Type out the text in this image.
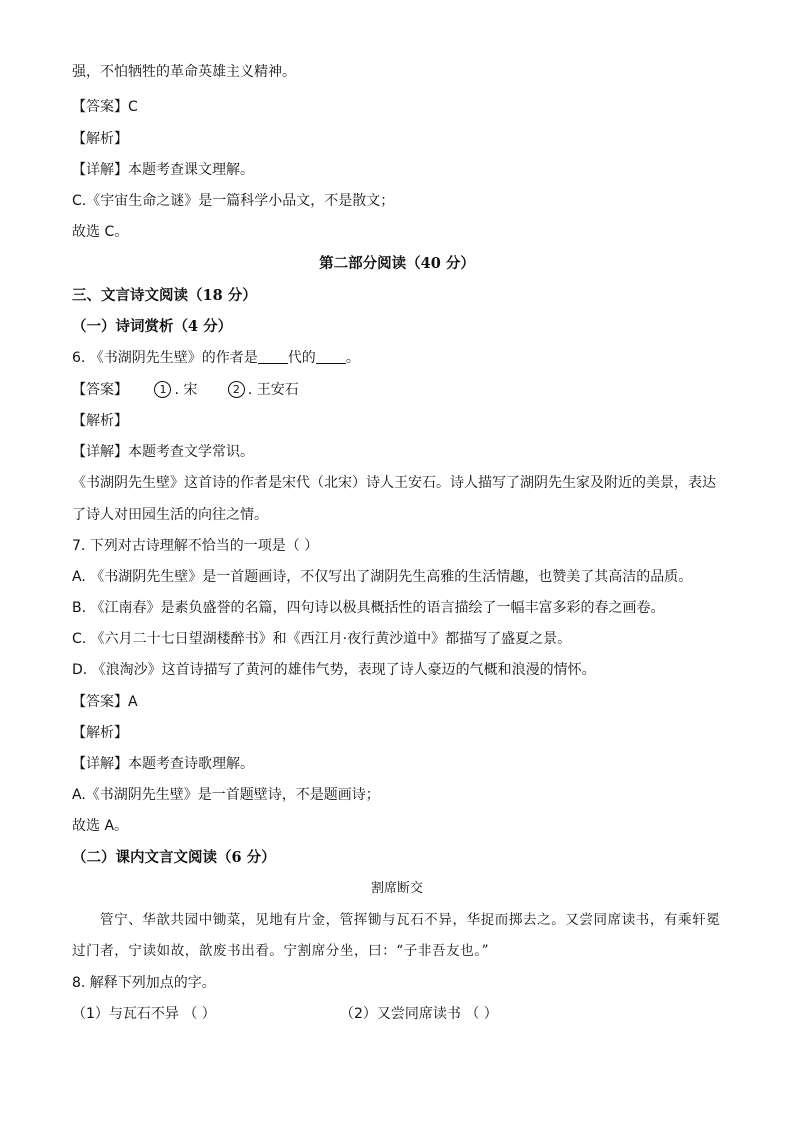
强，不怕牺牲的革命英雄主义精神。
【答案】C
【解析】
【详解】本题考查课文理解。
C.《宇宙生命之谜》是一篇科学小品文，不是散文；
故选 C。
第二部分阅读（40 分）
三、文言诗文阅读（18 分）
（一）诗词赏析（4 分）
6. 《书湖阴先生壁》的作者是 代的 。
【答案】	1 . 宋	2 . 王安石
【解析】
【详解】本题考查文学常识。
《书湖阴先生壁》这首诗的作者是宋代（北宋）诗人王安石。诗人描写了湖阴先生家及附近的美景，表达
了诗人对田园生活的向往之情。
7. 下列对古诗理解不恰当的一项是（ ）
A. 《书湖阴先生壁》是一首题画诗，不仅写出了湖阴先生高雅的生活情趣，也赞美了其高洁的品质。
B. 《江南春》是素负盛誉的名篇，四句诗以极具概括性的语言描绘了一幅丰富多彩的春之画卷。
C. 《六月二十七日望湖楼醉书》和《西江月·夜行黄沙道中》都描写了盛夏之景。
D. 《浪淘沙》这首诗描写了黄河的雄伟气势，表现了诗人豪迈的气概和浪漫的情怀。
【答案】A
【解析】
【详解】本题考查诗歌理解。
A.《书湖阴先生壁》是一首题壁诗，不是题画诗；
故选 A。
（二）课内文言文阅读（6 分）
割席断交
管宁、华歆共园中锄菜，见地有片金，管挥锄与瓦石不异，华捉而掷去之。又尝同席读书，有乘轩冕
过门者，宁读如故，歆废书出看。宁割席分坐，曰：“子非吾友也。”
8. 解释下列加点的字。
（1）与瓦石不异 （ ）	（2）又尝同席读书 （ ）
